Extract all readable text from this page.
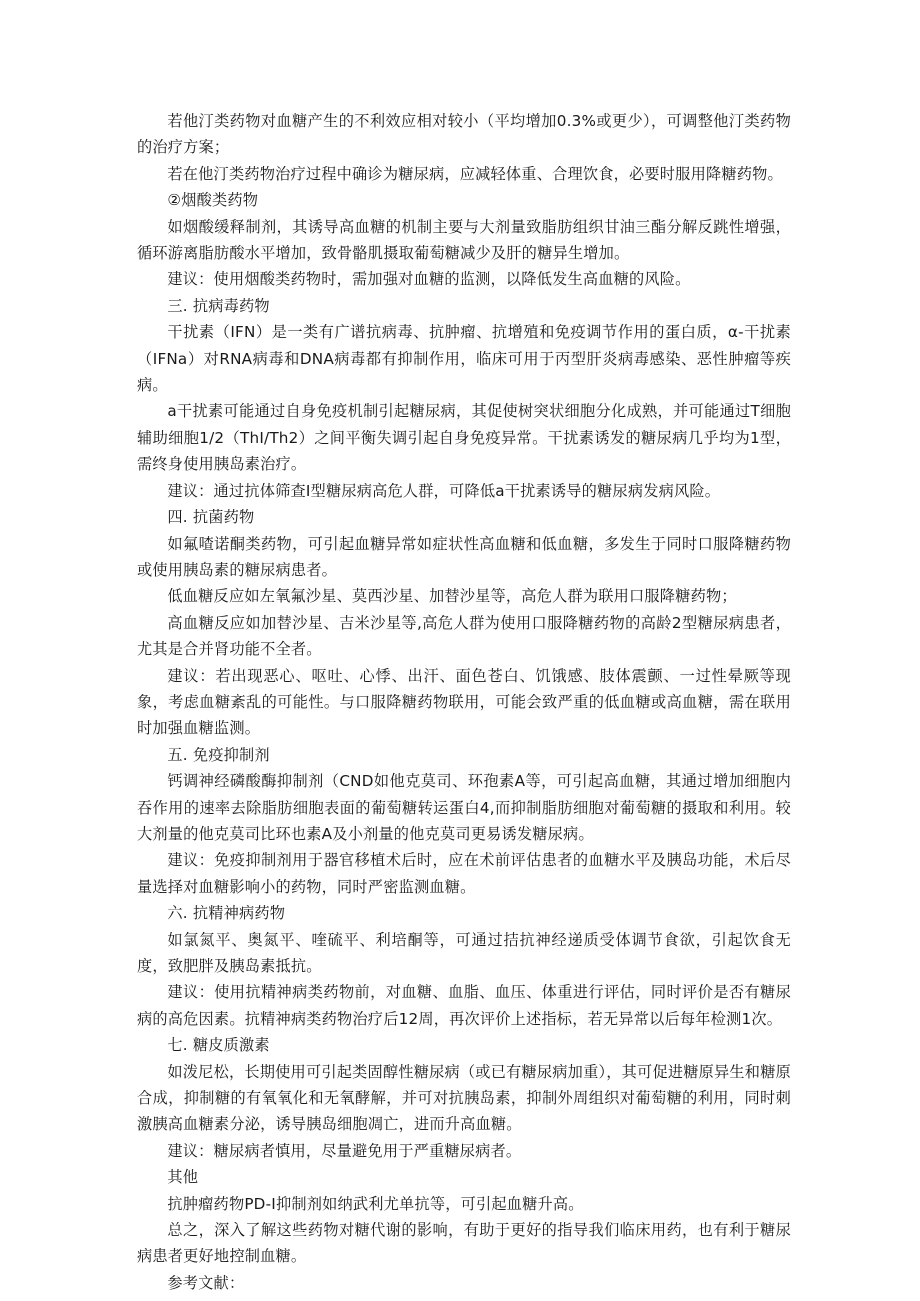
若他汀类药物对血糖产生的不利效应相对较小（平均增加0.3%或更少），可调整他汀类药物的治疗方案；

若在他汀类药物治疗过程中确诊为糖尿病，应减轻体重、合理饮食，必要时服用降糖药物。

②烟酸类药物

如烟酸缓释制剂，其诱导高血糖的机制主要与大剂量致脂肪组织甘油三酯分解反跳性增强，循环游离脂肪酸水平增加，致骨骼肌摄取葡萄糖减少及肝的糖异生增加。

建议：使用烟酸类药物时，需加强对血糖的监测，以降低发生高血糖的风险。

三. 抗病毒药物

干扰素（IFN）是一类有广谱抗病毒、抗肿瘤、抗增殖和免疫调节作用的蛋白质，α-干扰素（IFNa）对RNA病毒和DNA病毒都有抑制作用，临床可用于丙型肝炎病毒感染、恶性肿瘤等疾病。

a干扰素可能通过自身免疫机制引起糖尿病，其促使树突状细胞分化成熟，并可能通过T细胞辅助细胞1/2（ThI/Th2）之间平衡失调引起自身免疫异常。干扰素诱发的糖尿病几乎均为1型，需终身使用胰岛素治疗。

建议：通过抗体筛查I型糖尿病高危人群，可降低a干扰素诱导的糖尿病发病风险。

四. 抗菌药物

如氟喳诺酮类药物，可引起血糖异常如症状性高血糖和低血糖，多发生于同时口服降糖药物或使用胰岛素的糖尿病患者。

低血糖反应如左氧氟沙星、莫西沙星、加替沙星等，高危人群为联用口服降糖药物；

高血糖反应如加替沙星、吉米沙星等,高危人群为使用口服降糖药物的高龄2型糖尿病患者，尤其是合并肾功能不全者。

建议：若出现恶心、呕吐、心悸、出汗、面色苍白、饥饿感、肢体震颤、一过性晕厥等现象，考虑血糖紊乱的可能性。与口服降糖药物联用，可能会致严重的低血糖或高血糖，需在联用时加强血糖监测。

五. 免疫抑制剂

钙调神经磷酸酶抑制剂（CND如他克莫司、环孢素A等，可引起高血糖，其通过增加细胞内吞作用的速率去除脂肪细胞表面的葡萄糖转运蛋白4,而抑制脂肪细胞对葡萄糖的摄取和利用。较大剂量的他克莫司比环也素A及小剂量的他克莫司更易诱发糖尿病。

建议：免疫抑制剂用于器官移植术后时，应在术前评估患者的血糖水平及胰岛功能，术后尽量选择对血糖影响小的药物，同时严密监测血糖。

六. 抗精神病药物

如氯氮平、奥氮平、喹硫平、利培酮等，可通过拮抗神经递质受体调节食欲，引起饮食无度，致肥胖及胰岛素抵抗。

建议：使用抗精神病类药物前，对血糖、血脂、血压、体重进行评估，同时评价是否有糖尿病的高危因素。抗精神病类药物治疗后12周，再次评价上述指标，若无异常以后每年检测1次。

七. 糖皮质激素

如泼尼松，长期使用可引起类固醇性糖尿病（或已有糖尿病加重），其可促进糖原异生和糖原合成，抑制糖的有氧氧化和无氧酵解，并可对抗胰岛素，抑制外周组织对葡萄糖的利用，同时刺激胰高血糖素分泌，诱导胰岛细胞凋亡，进而升高血糖。

建议：糖尿病者慎用，尽量避免用于严重糖尿病者。

其他

抗肿瘤药物PD-I抑制剂如纳武利尤单抗等，可引起血糖升高。

总之，深入了解这些药物对糖代谢的影响，有助于更好的指导我们临床用药，也有利于糖尿病患者更好地控制血糖。

参考文献：
